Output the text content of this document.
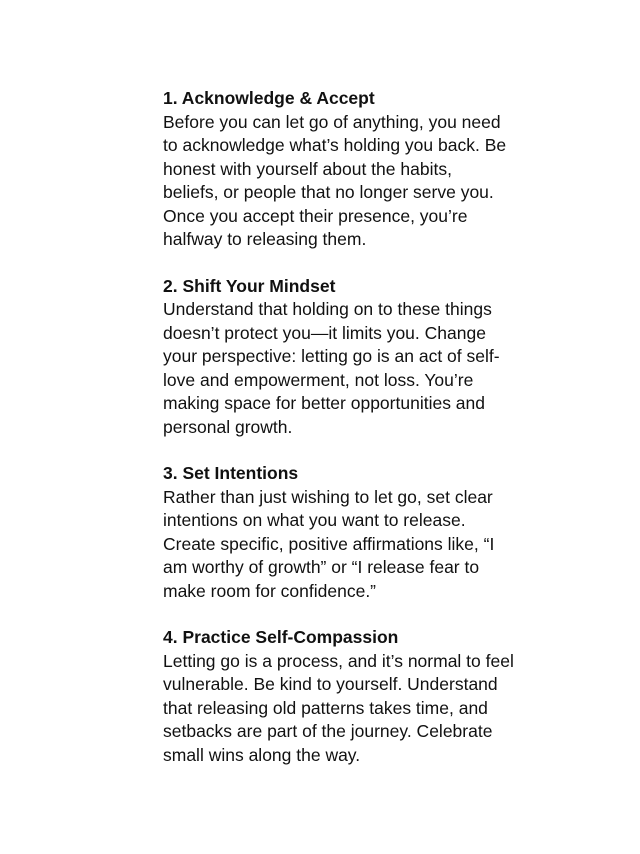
1. Acknowledge & Accept

Before you can let go of anything, you need
to acknowledge what’s holding you back. Be
honest with yourself about the habits,
beliefs, or people that no longer serve you.
Once you accept their presence, you’re
halfway to releasing them.

2. Shift Your Mindset

Understand that holding on to these things
doesn’t protect you—it limits you. Change
your perspective: letting go is an act of self-
love and empowerment, not loss. You’re
making space for better opportunities and
personal growth.

3. Set Intentions

Rather than just wishing to let go, set clear
intentions on what you want to release.
Create specific, positive affirmations like, “I
am worthy of growth” or “I release fear to
make room for confidence.”

4. Practice Self-Compassion

Letting go is a process, and it’s normal to feel
vulnerable. Be kind to yourself. Understand
that releasing old patterns takes time, and
setbacks are part of the journey. Celebrate
small wins along the way.
